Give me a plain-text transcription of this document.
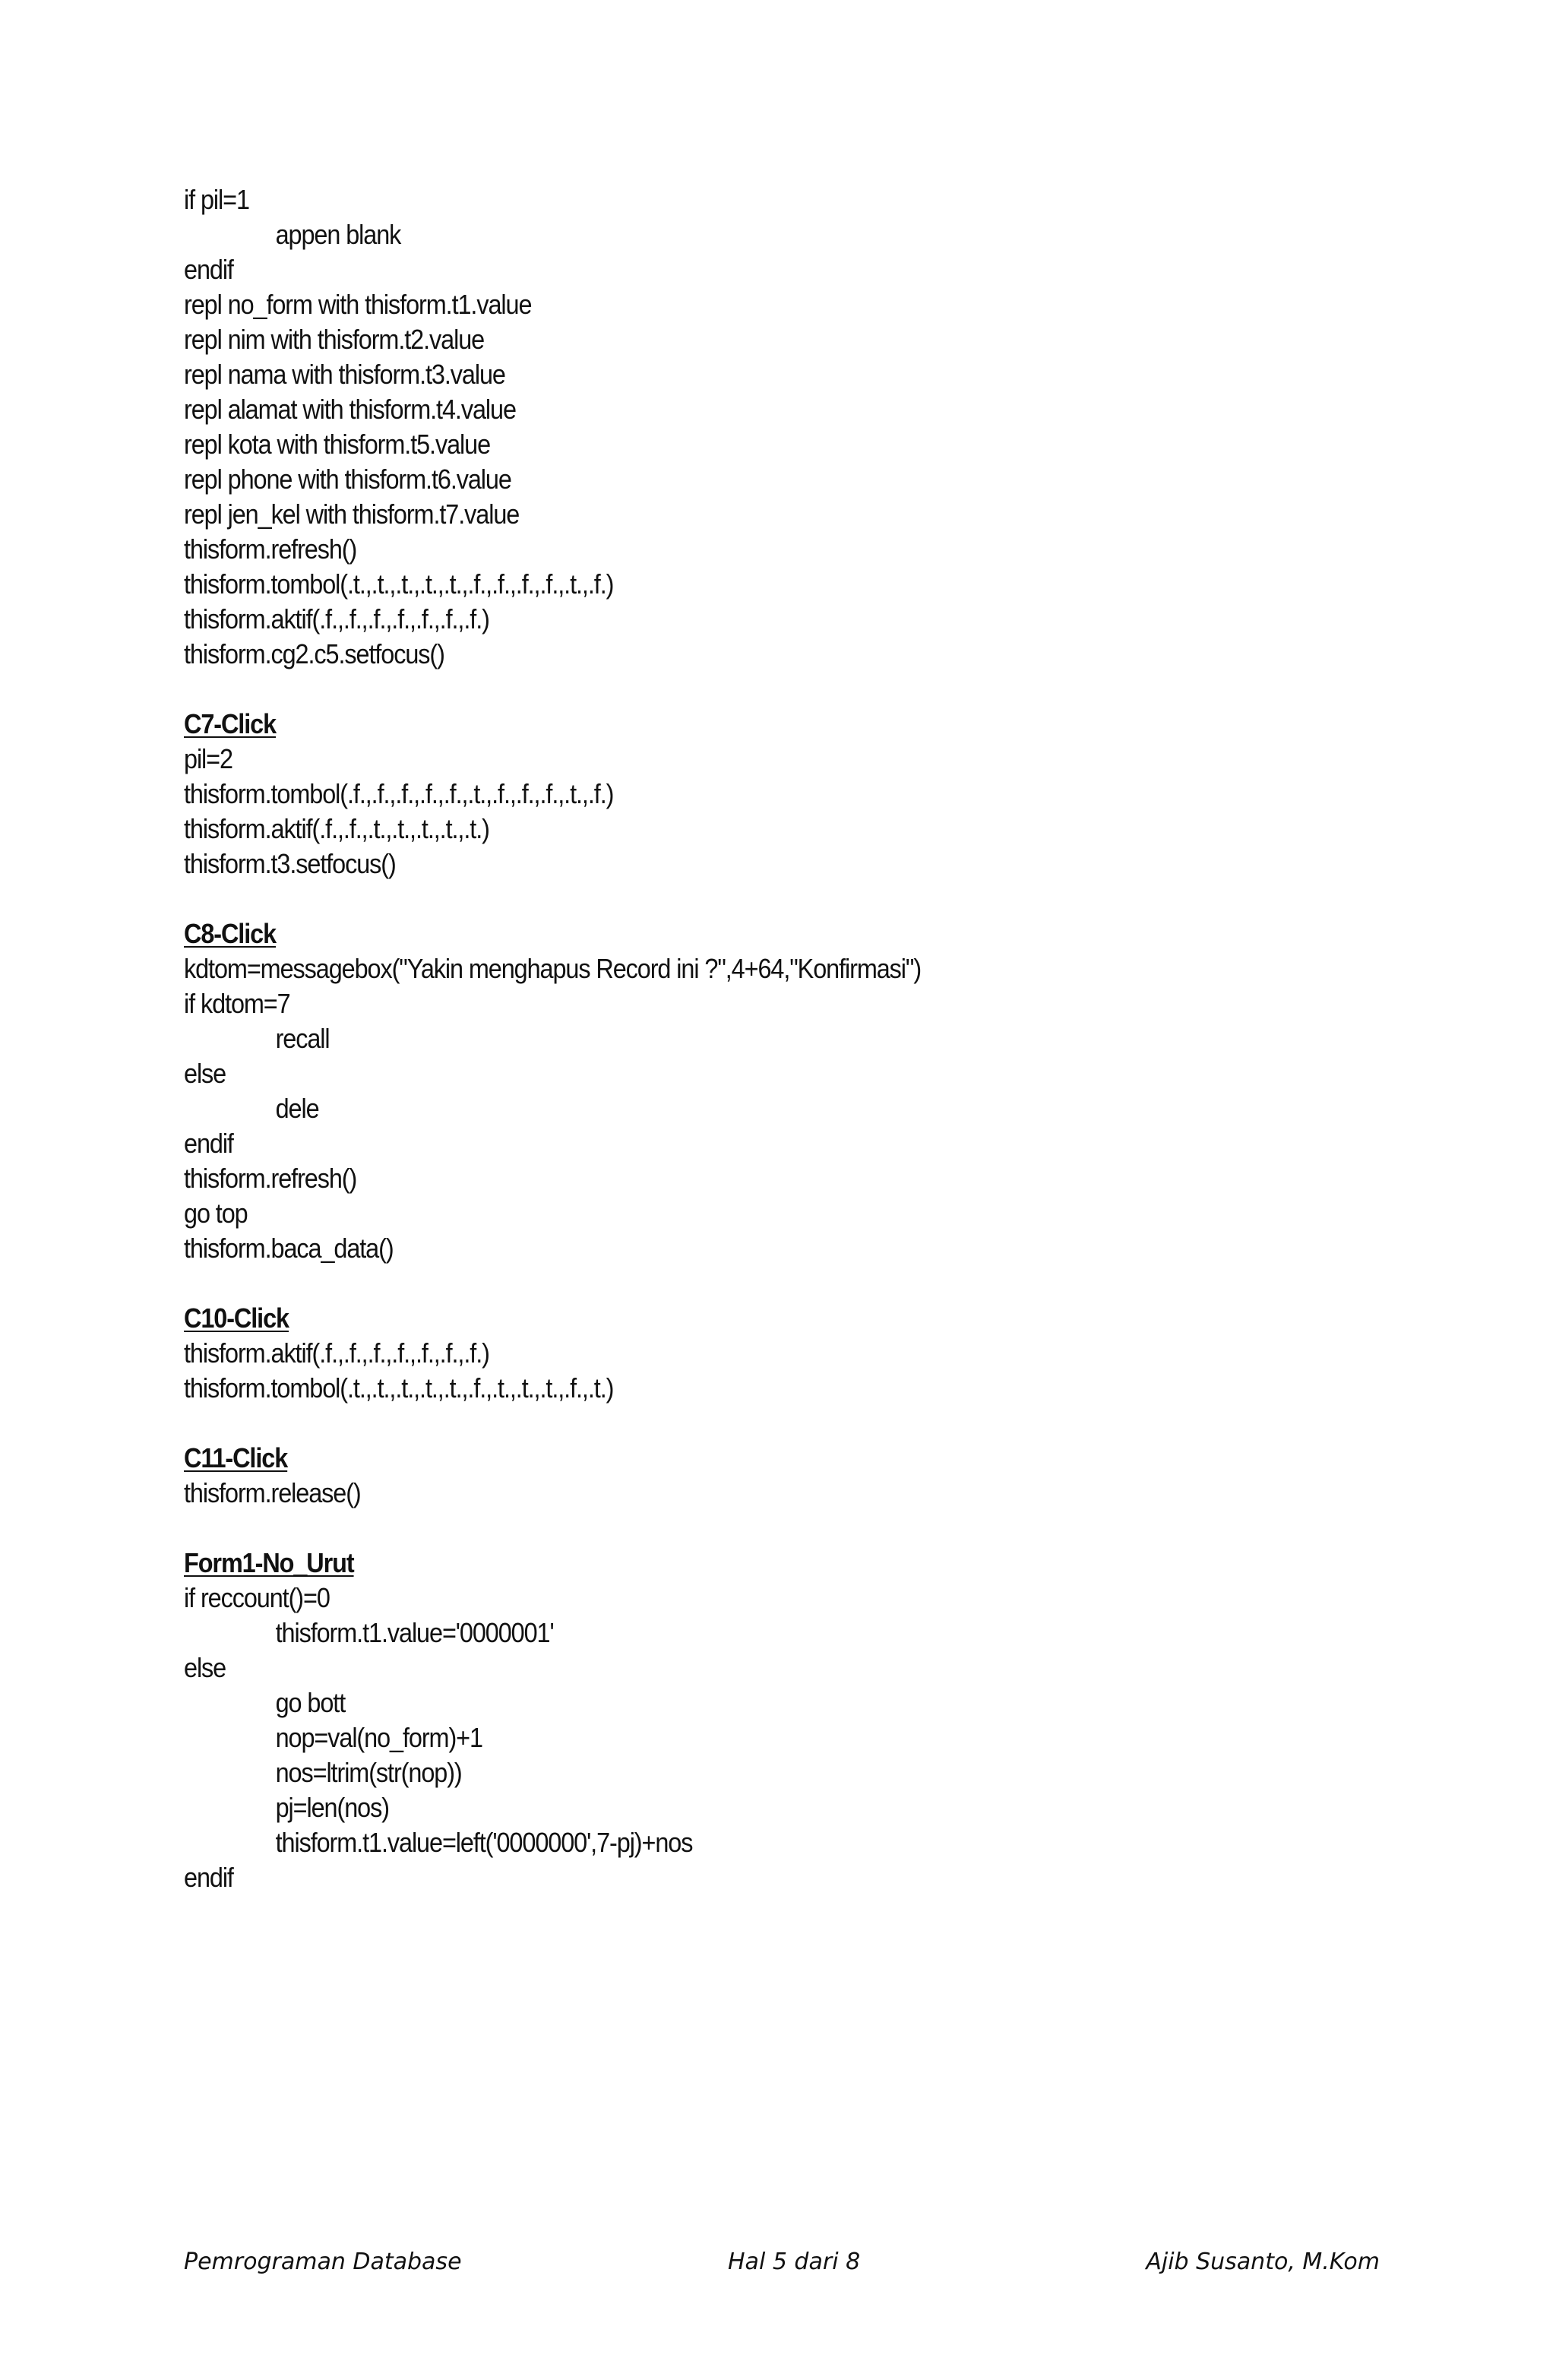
if pil=1
appen blank
endif
repl no_form with thisform.t1.value
repl nim with thisform.t2.value
repl nama with thisform.t3.value
repl alamat with thisform.t4.value
repl kota with thisform.t5.value
repl phone with thisform.t6.value
repl jen_kel with thisform.t7.value
thisform.refresh()
thisform.tombol(.t.,.t.,.t.,.t.,.t.,.f.,.f.,.f.,.f.,.t.,.f.)
thisform.aktif(.f.,.f.,.f.,.f.,.f.,.f.,.f.)
thisform.cg2.c5.setfocus()
C7-Click
pil=2
thisform.tombol(.f.,.f.,.f.,.f.,.f.,.t.,.f.,.f.,.f.,.t.,.f.)
thisform.aktif(.f.,.f.,.t.,.t.,.t.,.t.,.t.)
thisform.t3.setfocus()
C8-Click
kdtom=messagebox("Yakin menghapus Record ini ?",4+64,"Konfirmasi")
if kdtom=7
recall
else
dele
endif
thisform.refresh()
go top
thisform.baca_data()
C10-Click
thisform.aktif(.f.,.f.,.f.,.f.,.f.,.f.,.f.)
thisform.tombol(.t.,.t.,.t.,.t.,.t.,.f.,.t.,.t.,.t.,.f.,.t.)
C11-Click
thisform.release()
Form1-No_Urut
if reccount()=0
thisform.t1.value='0000001'
else
go bott
nop=val(no_form)+1
nos=ltrim(str(nop))
pj=len(nos)
thisform.t1.value=left('0000000',7-pj)+nos
endif
Pemrograman Database	Hal 5 dari 8	Ajib Susanto, M.Kom
